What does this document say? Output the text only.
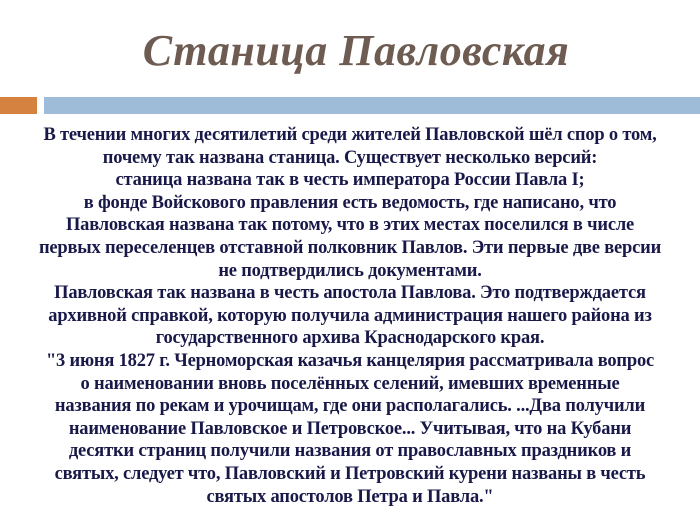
Станица Павловская
В течении многих десятилетий среди жителей Павловской шёл спор о том,
почему так названа станица. Существует несколько версий:
станица названа так в честь императора России Павла I;
в фонде Войскового правления есть ведомость, где написано, что
Павловская названа так потому, что в этих местах поселился в числе
первых переселенцев отставной полковник Павлов. Эти первые две версии
не подтвердились документами.
Павловская так названа в честь апостола Павлова. Это подтверждается
архивной справкой, которую получила администрация нашего района из
государственного архива Краснодарского края.
"3 июня 1827 г. Черноморская казачья канцелярия рассматривала вопрос
о наименовании вновь поселённых селений, имевших временные
названия по рекам и урочищам, где они располагались. ...Два получили
наименование Павловское и Петровское... Учитывая, что на Кубани
десятки страниц получили названия от православных праздников и
святых, следует что, Павловский и Петровский курени названы в честь
святых апостолов Петра и Павла."
